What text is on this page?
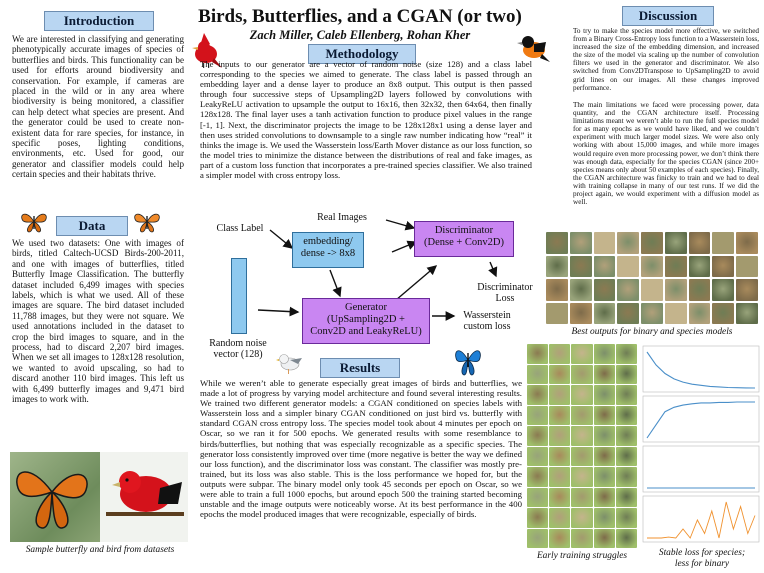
Introduction
We are interested in classifying and generating phenotypically accurate images of species of butterflies and birds. This functionality can be used for efforts around biodiversity and conservation. For example, if cameras are placed in the wild or in any area where biodiversity is being monitored, a classifier can help detect what species are present. And the generator could be used to create non-existent data for rare species, for instance, in specific poses, lighting conditions, environments, etc. Used for good, our generator and classifier models could help certain species and their habitats thrive.
Data
We used two datasets: One with images of birds, titled Caltech-UCSD Birds-200-2011, and one with images of butterflies, titled Butterfly Image Classification. The butterfly dataset included 6,499 images with species labels, which is what we used. All of these images are square. The bird dataset included 11,788 images, but they were not square. We used annotations included in the dataset to crop the bird images to square, and in the process, had to discard 2,207 bird images. When we set all images to 128x128 resolution, we wanted to avoid upscaling, so had to discard another 110 bird images. This left us with 6,499 butterfly images and 9,471 bird images to work with.
Sample butterfly and bird from datasets
Birds, Butterflies, and a CGAN (or two)
Zach Miller, Caleb Ellenberg, Rohan Kher
Methodology
The inputs to our generator are a vector of random noise (size 128) and a class label corresponding to the species we aimed to generate. The class label is passed through an embedding layer and a dense layer to produce an 8x8 output. This output is then passed through four successive steps of Upsampling2D layers followed by convolutions with LeakyReLU activation to upsample the output to 16x16, then 32x32, then 64x64, then finally 128x128. The final layer uses a tanh activation function to produce pixel values in the range [-1, 1]. Next, the discriminator projects the image to be 128x128x1 using a dense layer and then uses strided convolutions to downsample to a single raw number indicating how “real” it thinks the image is. We used the Wasserstein loss/Earth Mover distance as our loss function, so the model tries to minimize the distance between the distributions of real and fake images, as part of a custom loss function that incorporates a pre-trained species classifier. We also trained a simpler model with cross entropy loss.
Class Label
embedding/
dense -> 8x8
Real Images
Discriminator
(Dense + Conv2D)
Discriminator
Loss
Random noise
vector (128)
Generator
(UpSampling2D +
Conv2D and LeakyReLU)
Wasserstein
custom loss
Results
While we weren’t able to generate especially great images of birds and butterflies, we made a lot of progress by varying model architecture and found several interesting results. We trained two different generator models: a CGAN conditioned on species labels with Wasserstein loss and a simpler binary CGAN conditioned on just bird vs. butterfly with standard CGAN cross entropy loss. The species model took about 4 minutes per epoch on Oscar, so we ran it for 500 epochs. We generated results with some resemblance to birds/butterflies, but nothing that was especially recognizable as a specific species. The generator loss consistently improved over time (more negative is better the way we defined our loss function), and the discriminator loss was constant. The classifier was mostly pre-trained, but its loss was also stable. This is the loss performance we hoped for, but the outputs were subpar. The binary model only took 45 seconds per epoch on Oscar, so we were able to train a full 1000 epochs, but around epoch 500 the training started becoming unstable and the image outputs were noticeably worse. At its best performance in the 400 epochs the model produced images that were recognizable, especially of birds.
Discussion
To try to make the species model more effective, we switched from a Binary Cross-Entropy loss function to a Wasserstein loss, increased the size of the embedding dimension, and increased the size of the model via scaling up the number of convolution filters we used in the generator and discriminator. We also switched from Conv2DTranspose to UpSampling2D to avoid grid lines on our images. All these changes improved performance.
The main limitations we faced were processing power, data quantity, and the CGAN architecture itself. Processing limitations meant we weren’t able to run the full species model for as many epochs as we would have liked, and we couldn’t experiment with much larger model sizes. We were also only working with about 15,000 images, and while more images would require even more processing power, we don’t think there was enough data, especially for the species CGAN (since 200+ species means only about 50 examples of each species). Finally, the CGAN architecture was finicky to train and we had to deal with training collapse in many of our test runs. If we did the project again, we would experiment with a diffusion model as well.
Best outputs for binary and species models
Early training struggles	Stable loss for species;
less for binary
